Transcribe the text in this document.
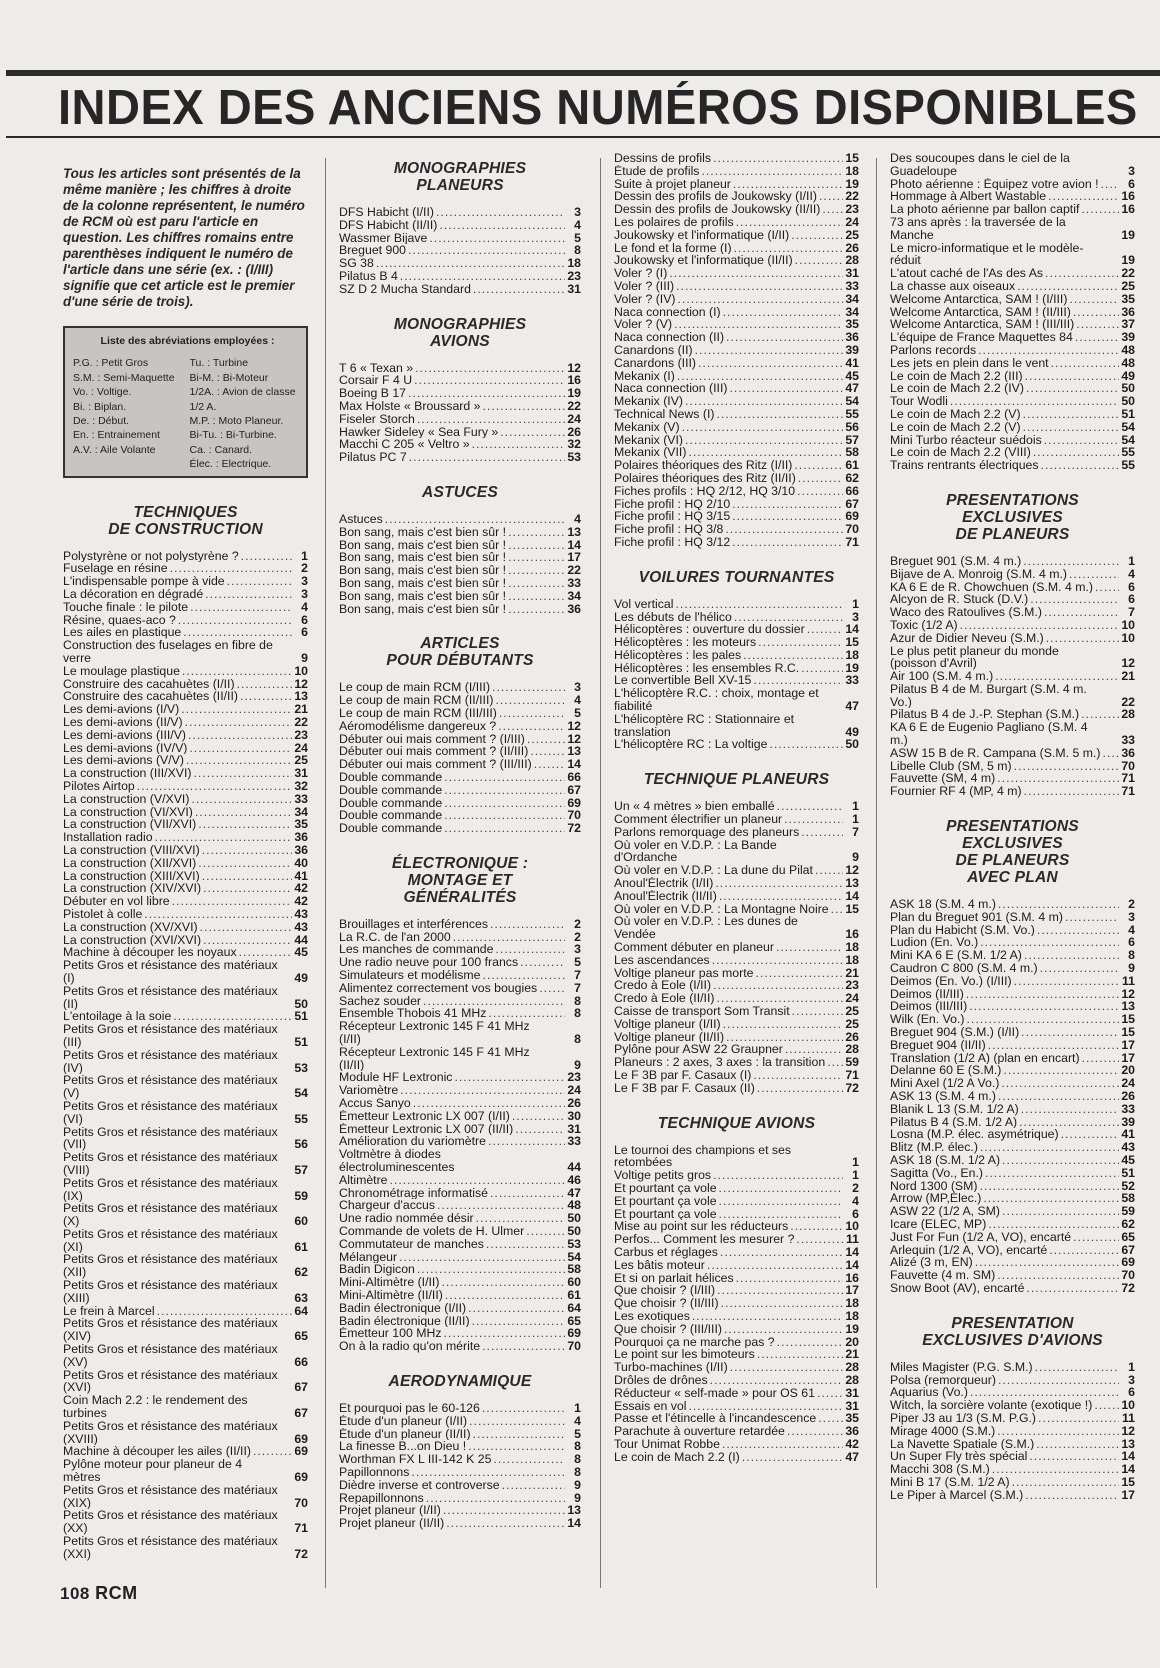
INDEX DES ANCIENS NUMÉROS DISPONIBLES

Tous les articles sont présentés de la même manière ; les chiffres à droite de la colonne représentent, le numéro de RCM où est paru l'article en question. Les chiffres romains entre parenthèses indiquent le numéro de l'article dans une série (ex. : (I/III) signifie que cet article est le premier d'une série de trois).

Liste des abréviations employées :
P.G. : Petit Gros	Tu. : Turbine
S.M. : Semi-Maquette	Bi-M. : Bi-Moteur
Vo. : Voltige.	1/2A. : Avion de classe
Bi. : Biplan.	1/2 A.
De. : Début.	M.P. : Moto Planeur.
En. : Entrainement	Bi-Tu. : Bi-Turbine.
A.V. : Aile Volante	Ca. : Canard.

Élec. : Electrique.
TECHNIQUES
DE CONSTRUCTION
Polystyrène or not polystyrène ? .....	1
Fuselage en résine .....	2
L'indispensable pompe à vide .....	3
La décoration en dégradé .....	3
Touche finale : le pilote .....	4
Résine, quaes-aco ? .....	6
Les ailes en plastique .....	6
Construction des fuselages en fibre de verre	9
Le moulage plastique .....	10
Construire des cacahuètes (I/II) .....	12
Construire des cacahuètes (II/II) .....	13
Les demi-avions (I/V) .....	21
Les demi-avions (II/V) .....	22
Les demi-avions (III/V) .....	23
Les demi-avions (IV/V) .....	24
Les demi-avions (V/V) .....	25
La construction (III/XVI) .....	31
Pilotes Airtop .....	32
La construction (V/XVI) .....	33
La construction (VI/XVI) .....	34
La construction (VII/XVI) .....	35
Installation radio .....	36
La construction (VIII/XVI) .....	36
La construction (XII/XVI) .....	40
La construction (XIII/XVI) .....	41
La construction (XIV/XVI) .....	42
Débuter en vol libre .....	42
Pistolet à colle .....	43
La construction (XV/XVI) .....	43
La construction (XVI/XVI) .....	44
Machine à découper les noyaux .....	45
Petits Gros et résistance des matériaux (I)	49
Petits Gros et résistance des matériaux (II)	50
L'entoilage à la soie .....	51
Petits Gros et résistance des matériaux (III)	51
Petits Gros et résistance des matériaux (IV)	53
Petits Gros et résistance des matériaux (V)	54
Petits Gros et résistance des matériaux (VI)	55
Petits Gros et résistance des matériaux (VII)	56
Petits Gros et résistance des matériaux (VIII)	57
Petits Gros et résistance des matériaux (IX)	59
Petits Gros et résistance des matériaux (X)	60
Petits Gros et résistance des matériaux (XI)	61
Petits Gros et résistance des matériaux (XII)	62
Petits Gros et résistance des matériaux (XIII)	63
Le frein à Marcel .....	64
Petits Gros et résistance des matériaux (XIV)	65
Petits Gros et résistance des matériaux (XV)	66
Petits Gros et résistance des matériaux (XVI)	67
Coin Mach 2.2 : le rendement des turbines	67
Petits Gros et résistance des matériaux (XVIII)	69
Machine à découper les ailes (II/II) .....	69
Pylône moteur pour planeur de 4 mètres	69
Petits Gros et résistance des matériaux (XIX)	70
Petits Gros et résistance des matériaux (XX)	71
Petits Gros et résistance des matériaux (XXI)	72
MONOGRAPHIES
PLANEURS
DFS Habicht (I/II) .....	3
DFS Habicht (II/II) .....	4
Wassmer Bijave .....	5
Breguet 900 .....	8
SG 38 .....	18
Pilatus B 4 .....	23
SZ D 2 Mucha Standard .....	31
MONOGRAPHIES
AVIONS
T 6 « Texan » .....	12
Corsair F 4 U .....	16
Boeing B 17 .....	19
Max Holste « Broussard » .....	22
Fiseler Storch .....	24
Hawker Sideley « Sea Fury » .....	26
Macchi C 205 « Veltro » .....	32
Pilatus PC 7 .....	53
ASTUCES
Astuces .....	4
Bon sang, mais c'est bien sûr ! .....	13
Bon sang, mais c'est bien sûr ! .....	14
Bon sang, mais c'est bien sûr ! .....	17
Bon sang, mais c'est bien sûr ! .....	22
Bon sang, mais c'est bien sûr ! .....	33
Bon sang, mais c'est bien sûr ! .....	34
Bon sang, mais c'est bien sûr ! .....	36
ARTICLES
POUR DÉBUTANTS
Le coup de main RCM (I/III) .....	3
Le coup de main RCM (II/III) .....	4
Le coup de main RCM (III/III) .....	5
Aéromodélisme dangereux ? .....	12
Débuter oui mais comment ? (I/III) .....	12
Débuter oui mais comment ? (II/III) .....	13
Débuter oui mais comment ? (III/III) .....	14
Double commande .....	66
Double commande .....	67
Double commande .....	69
Double commande .....	70
Double commande .....	72
ÉLECTRONIQUE :
MONTAGE ET
GÉNÉRALITÉS
Brouillages et interférences .....	2
La R.C. de l'an 2000 .....	2
Les manches de commande .....	3
Une radio neuve pour 100 francs .....	5
Simulateurs et modélisme .....	7
Alimentez correctement vos bougies .....	7
Sachez souder .....	8
Ensemble Thobois 41 MHz .....	8
Récepteur Lextronic 145 F 41 MHz (I/II)	8
Récepteur Lextronic 145 F 41 MHz (II/II)	9
Module HF Lextronic .....	23
Variomètre .....	24
Accus Sanyo .....	26
Émetteur Lextronic LX 007 (I/II) .....	30
Émetteur Lextronic LX 007 (II/II) .....	31
Amélioration du variomètre .....	33
Voltmètre à diodes électroluminescentes	44
Altimètre .....	46
Chronométrage informatisé .....	47
Chargeur d'accus .....	48
Une radio nommée désir .....	50
Commande de volets de H. Ulmer .....	50
Commutateur de manches .....	53
Mélangeur .....	54
Badin Digicon .....	58
Mini-Altimètre (I/II) .....	60
Mini-Altimètre (II/II) .....	61
Badin électronique (I/II) .....	64
Badin électronique (II/II) .....	65
Émetteur 100 MHz .....	69
On à la radio qu'on mérite .....	70
AERODYNAMIQUE
Et pourquoi pas le 60-126 .....	1
Étude d'un planeur (I/II) .....	4
Étude d'un planeur (II/II) .....	5
La finesse B...on Dieu ! .....	8
Worthman FX L III-142 K 25 .....	8
Papillonnons .....	8
Dièdre inverse et controverse .....	9
Repapillonnons .....	9
Projet planeur (I/II) .....	13
Projet planeur (II/II) .....	14
Dessins de profils .....	15
Étude de profils .....	18
Suite à projet planeur .....	19
Dessin des profils de Joukowsky (I/II) ..... 22
Dessin des profils de Joukowsky (II/II) ..... 23
Les polaires de profils .....	24
Joukowsky et l'informatique (I/II) .....	25
Le fond et la forme (I) .....	26
Joukowsky et l'informatique (II/II) .....	28
Voler ? (I) .....	31
Voler ? (III) .....	33
Voler ? (IV) .....	34
Naca connection (I) .....	34
Voler ? (V) .....	35
Naca connection (II) .....	36
Canardons (II) .....	39
Canardons (III) .....	41
Mekanix (I) .....	45
Naca connection (III) .....	47
Mekanix (IV) .....	54
Technical News (I) .....	55
Mekanix (V) .....	56
Mekanix (VI) .....	57
Mekanix (VII) .....	58
Polaires théoriques des Ritz (I/II) .....	61
Polaires théoriques des Ritz (II/II) .....	62
Fiches profils : HQ 2/12, HQ 3/10 .....	66
Fiche profil : HQ 2/10 .....	67
Fiche profil : HQ 3/15 .....	69
Fiche profil : HQ 3/8 .....	70
Fiche profil : HQ 3/12 .....	71
VOILURES TOURNANTES
Vol vertical .....	1
Les débuts de l'hélico .....	3
Hélicoptères : ouverture du dossier .....	14
Hélicoptères : les moteurs .....	15
Hélicoptères : les pales .....	18
Hélicoptères : les ensembles R.C. .....	19
Le convertible Bell XV-15 .....	33
L'hélicoptère R.C. : choix, montage et fiabilité	47
L'hélicoptère RC : Stationnaire et translation	49
L'hélicoptère RC : La voltige .....	50
TECHNIQUE PLANEURS
Un « 4 mètres » bien emballé .....	1
Comment électrifier un planeur .....	1
Parlons remorquage des planeurs .....	7
Où voler en V.D.P. : La Bande d'Ordanche	9
Où voler en V.D.P. : La dune du Pilat .....	12
Anoul'Électrik (I/II) .....	13
Anoul'Électrik (II/II) .....	14
Où voler en V.D.P. : La Montagne Noire ..... 15
Où voler en V.D.P. : Les dunes de Vendée	16
Comment débuter en planeur .....	18
Les ascendances .....	18
Voltige planeur pas morte .....	21
Credo à Eole (I/II) .....	23
Credo à Eole (II/II) .....	24
Caisse de transport Som Transit .....	25
Voltige planeur (I/II) .....	25
Voltige planeur (II/II) .....	26
Pylône pour ASW 22 Graupner .....	28
Planeurs : 2 axes, 3 axes : la transition ..... 59
Le F 3B par F. Casaux (I) .....	71
Le F 3B par F. Casaux (II) .....	72
TECHNIQUE AVIONS
Le tournoi des champions et ses retombées	1
Voltige petits gros .....	1
Et pourtant ça vole .....	2
Et pourtant ça vole .....	4
Et pourtant ça vole .....	6
Mise au point sur les réducteurs .....	10
Perfos... Comment les mesurer ? .....	11
Carbus et réglages .....	14
Les bâtis moteur .....	14
Et si on parlait hélices .....	16
Que choisir ? (I/III) .....	17
Que choisir ? (II/III) .....	18
Les exotiques .....	18
Que choisir ? (III/III) .....	19
Pourquoi ça ne marche pas ? .....	20
Le point sur les bimoteurs .....	21
Turbo-machines (I/II) .....	28
Drôles de drônes .....	28
Réducteur « self-made » pour OS 61 ..... 31
Essais en vol .....	31
Passe et l'étincelle à l'incandescence ..... 35
Parachute à ouverture retardée .....	36
Tour Unimat Robbe .....	42
Le coin de Mach 2.2 (I) .....	47
Des soucoupes dans le ciel de la Guadeloupe	3
Photo aérienne : Équipez votre avion ! .....	6
Hommage à Albert Wastable .....	16
La photo aérienne par ballon captif .....	16
73 ans après : la traversée de la Manche	19
Le micro-informatique et le modèle-réduit	19
L'atout caché de l'As des As .....	22
La chasse aux oiseaux .....	25
Welcome Antarctica, SAM ! (I/III) .....	35
Welcome Antarctica, SAM ! (II/III) .....	36
Welcome Antarctica, SAM ! (III/III) .....	37
L'équipe de France Maquettes 84 .....	39
Parlons records .....	48
Les jets en plein dans le vent .....	48
Le coin de Mach 2.2 (III) .....	49
Le coin de Mach 2.2 (IV) .....	50
Tour Wodli .....	50
Le coin de Mach 2.2 (V) .....	51
Le coin de Mach 2.2 (V) .....	54
Mini Turbo réacteur suédois .....	54
Le coin de Mach 2.2 (VIII) .....	55
Trains rentrants électriques .....	55
PRESENTATIONS
EXCLUSIVES
DE PLANEURS
Breguet 901 (S.M. 4 m.) .....	1
Bijave de A. Monroig (S.M. 4 m.) .....	4
KA 6 E de R. Chowchuen (S.M. 4 m.) .....	6
Alcyon de R. Stuck (D.V.) .....	6
Waco des Ratoulives (S.M.) .....	7
Toxic (1/2 A) .....	10
Azur de Didier Neveu (S.M.) .....	10
Le plus petit planeur du monde (poisson d'Avril)	12
Air 100 (S.M. 4 m.) .....	21
Pilatus B 4 de M. Burgart (S.M. 4 m. Vo.)	22
Pilatus B 4 de J.-P. Stephan (S.M.) .....	28
KA 6 E de Eugenio Pagliano (S.M. 4 m.)	33
ASW 15 B de R. Campana (S.M. 5 m.) ..... 36
Libelle Club (SM, 5 m) .....	70
Fauvette (SM, 4 m) .....	71
Fournier RF 4 (MP, 4 m) .....	71
PRESENTATIONS
EXCLUSIVES
DE PLANEURS
AVEC PLAN
ASK 18 (S.M. 4 m.) .....	2
Plan du Breguet 901 (S.M. 4 m) .....	3
Plan du Habicht (S.M. Vo.) .....	4
Ludion (En. Vo.) .....	6
Mini KA 6 E (S.M. 1/2 A) .....	8
Caudron C 800 (S.M. 4 m.) .....	9
Deimos (En. Vo.) (I/III) .....	11
Deimos (II/III) .....	12
Deimos (III/III) .....	13
Wilk (En. Vo.) .....	15
Breguet 904 (S.M.) (I/II) .....	15
Breguet 904 (II/II) .....	17
Translation (1/2 A) (plan en encart) .....	17
Delanne 60 E (S.M.) .....	20
Mini Axel (1/2 A Vo.) .....	24
ASK 13 (S.M. 4 m.) .....	26
Blanik L 13 (S.M. 1/2 A) .....	33
Pilatus B 4 (S.M. 1/2 A) .....	39
Losna (M.P. élec. asymétrique) .....	41
Blitz (M.P. élec.) .....	43
ASK 18 (S.M. 1/2 A) .....	45
Sagitta (Vo., En.) .....	51
Nord 1300 (SM) .....	52
Arrow (MP,Élec.) .....	58
ASW 22 (1/2 A, SM) .....	59
Icare (ELEC, MP) .....	62
Just For Fun (1/2 A, VO), encarté .....	65
Arlequin (1/2 A, VO), encarté .....	67
Alizé (3 m, EN) .....	69
Fauvette (4 m. SM) .....	70
Snow Boot (AV), encarté .....	72
PRESENTATION
EXCLUSIVES D'AVIONS
Miles Magister (P.G. S.M.) .....	1
Polsa (remorqueur) .....	3
Aquarius (Vo.) .....	6
Witch, la sorcière volante (exotique !) ..... 10
Piper J3 au 1/3 (S.M. P.G.) .....	11
Mirage 4000 (S.M.) .....	12
La Navette Spatiale (S.M.) .....	13
Un Super Fly très spécial .....	14
Macchi 308 (S.M.) .....	14
Mini B 17 (S.M. 1/2 A) .....	15
Le Piper à Marcel (S.M.) .....	17
108 RCM
